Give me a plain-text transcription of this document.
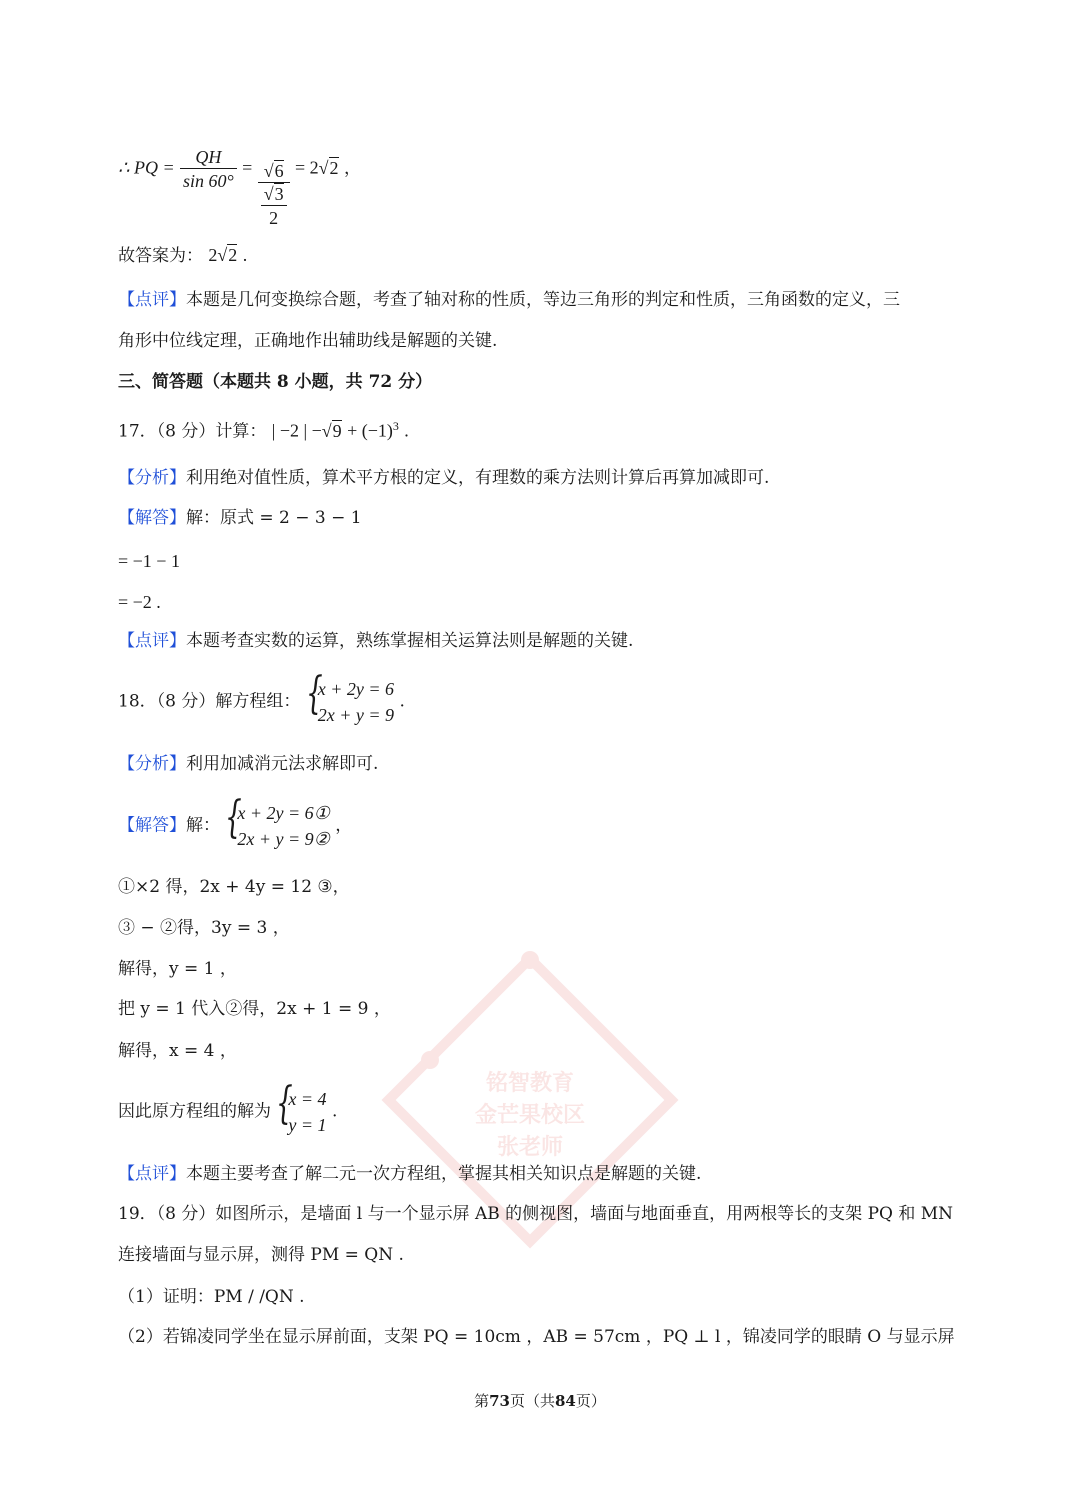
铭智教育
金芒果校区
张老师
∴ PQ = $\frac{QH}{\sin 60^\circ} = \frac{√6}{\frac{√3}{2}} = 2√2$ ，
故答案为： 2√2 .
【点评】本题是几何变换综合题，考查了轴对称的性质，等边三角形的判定和性质，三角函数的定义，三
角形中位线定理，正确地作出辅助线是解题的关键.
三、简答题（本题共 8 小题，共 72 分）
17．（8 分）计算： | −2 | $-√9 + (-1)^3$ .
【分析】利用绝对值性质，算术平方根的定义，有理数的乘方法则计算后再算加减即可.
【解答】解：原式 = 2 − 3 − 1
= −1 − 1
= −2 .
【点评】本题考查实数的运算，熟练掌握相关运算法则是解题的关键.
18．（8 分）解方程组： {
x + 2y = 6
2x + y = 9
.
【分析】利用加减消元法求解即可.
【解答】解： {
x + 2y = 6①
2x + y = 9②
，
①×2 得，2x + 4y = 12 ③，
③ − ②得，3y = 3 ，
解得，y = 1 ，
把 y = 1 代入②得，2x + 1 = 9 ，
解得，x = 4 ，
因此原方程组的解为 {
x = 4
y = 1
.
【点评】本题主要考查了解二元一次方程组，掌握其相关知识点是解题的关键.
19．（8 分）如图所示，是墙面 l 与一个显示屏 AB 的侧视图，墙面与地面垂直，用两根等长的支架 PQ 和 MN
连接墙面与显示屏，测得 PM = QN .
（1）证明：PM / /QN .
（2）若锦凌同学坐在显示屏前面，支架 PQ = 10cm ，AB = 57cm ，PQ ⊥ l ，锦凌同学的眼睛 O 与显示屏
第73页（共84页）
